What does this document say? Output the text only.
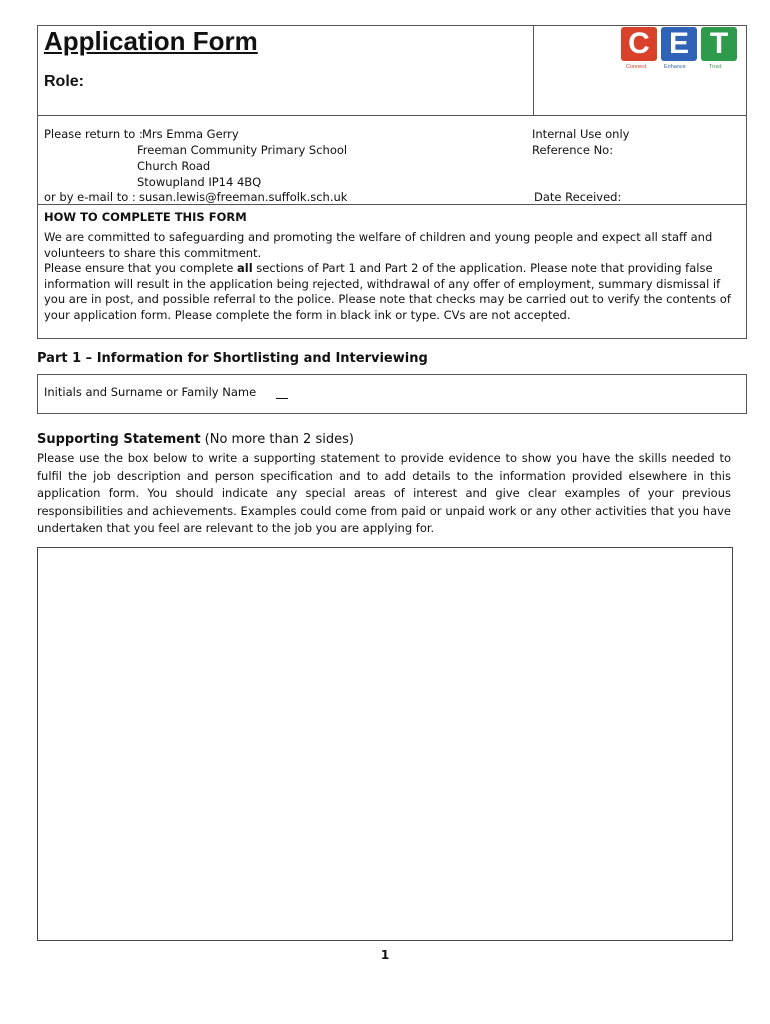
Application Form
Role:
C E T
Connect	Enhance	Trust
Please return to : Mrs Emma Gerry
Freeman Community Primary School
Church Road
Stowupland IP14 4BQ
or by e-mail to : susan.lewis@freeman.suffolk.sch.uk
Internal Use only
Reference No:
Date Received:
HOW TO COMPLETE THIS FORM
We are committed to safeguarding and promoting the welfare of children and young people and expect all staff and volunteers to share this commitment.
Please ensure that you complete all sections of Part 1 and Part 2 of the application. Please note that providing false information will result in the application being rejected, withdrawal of any offer of employment, summary dismissal if you are in post, and possible referral to the police. Please note that checks may be carried out to verify the contents of your application form. Please complete the form in black ink or type. CVs are not accepted.
Part 1 – Information for Shortlisting and Interviewing
Initials and Surname or Family Name
Supporting Statement (No more than 2 sides)
Please use the box below to write a supporting statement to provide evidence to show you have the skills needed to fulfil the job description and person specification and to add details to the information provided elsewhere in this application form. You should indicate any special areas of interest and give clear examples of your previous responsibilities and achievements. Examples could come from paid or unpaid work or any other activities that you have undertaken that you feel are relevant to the job you are applying for.
1
